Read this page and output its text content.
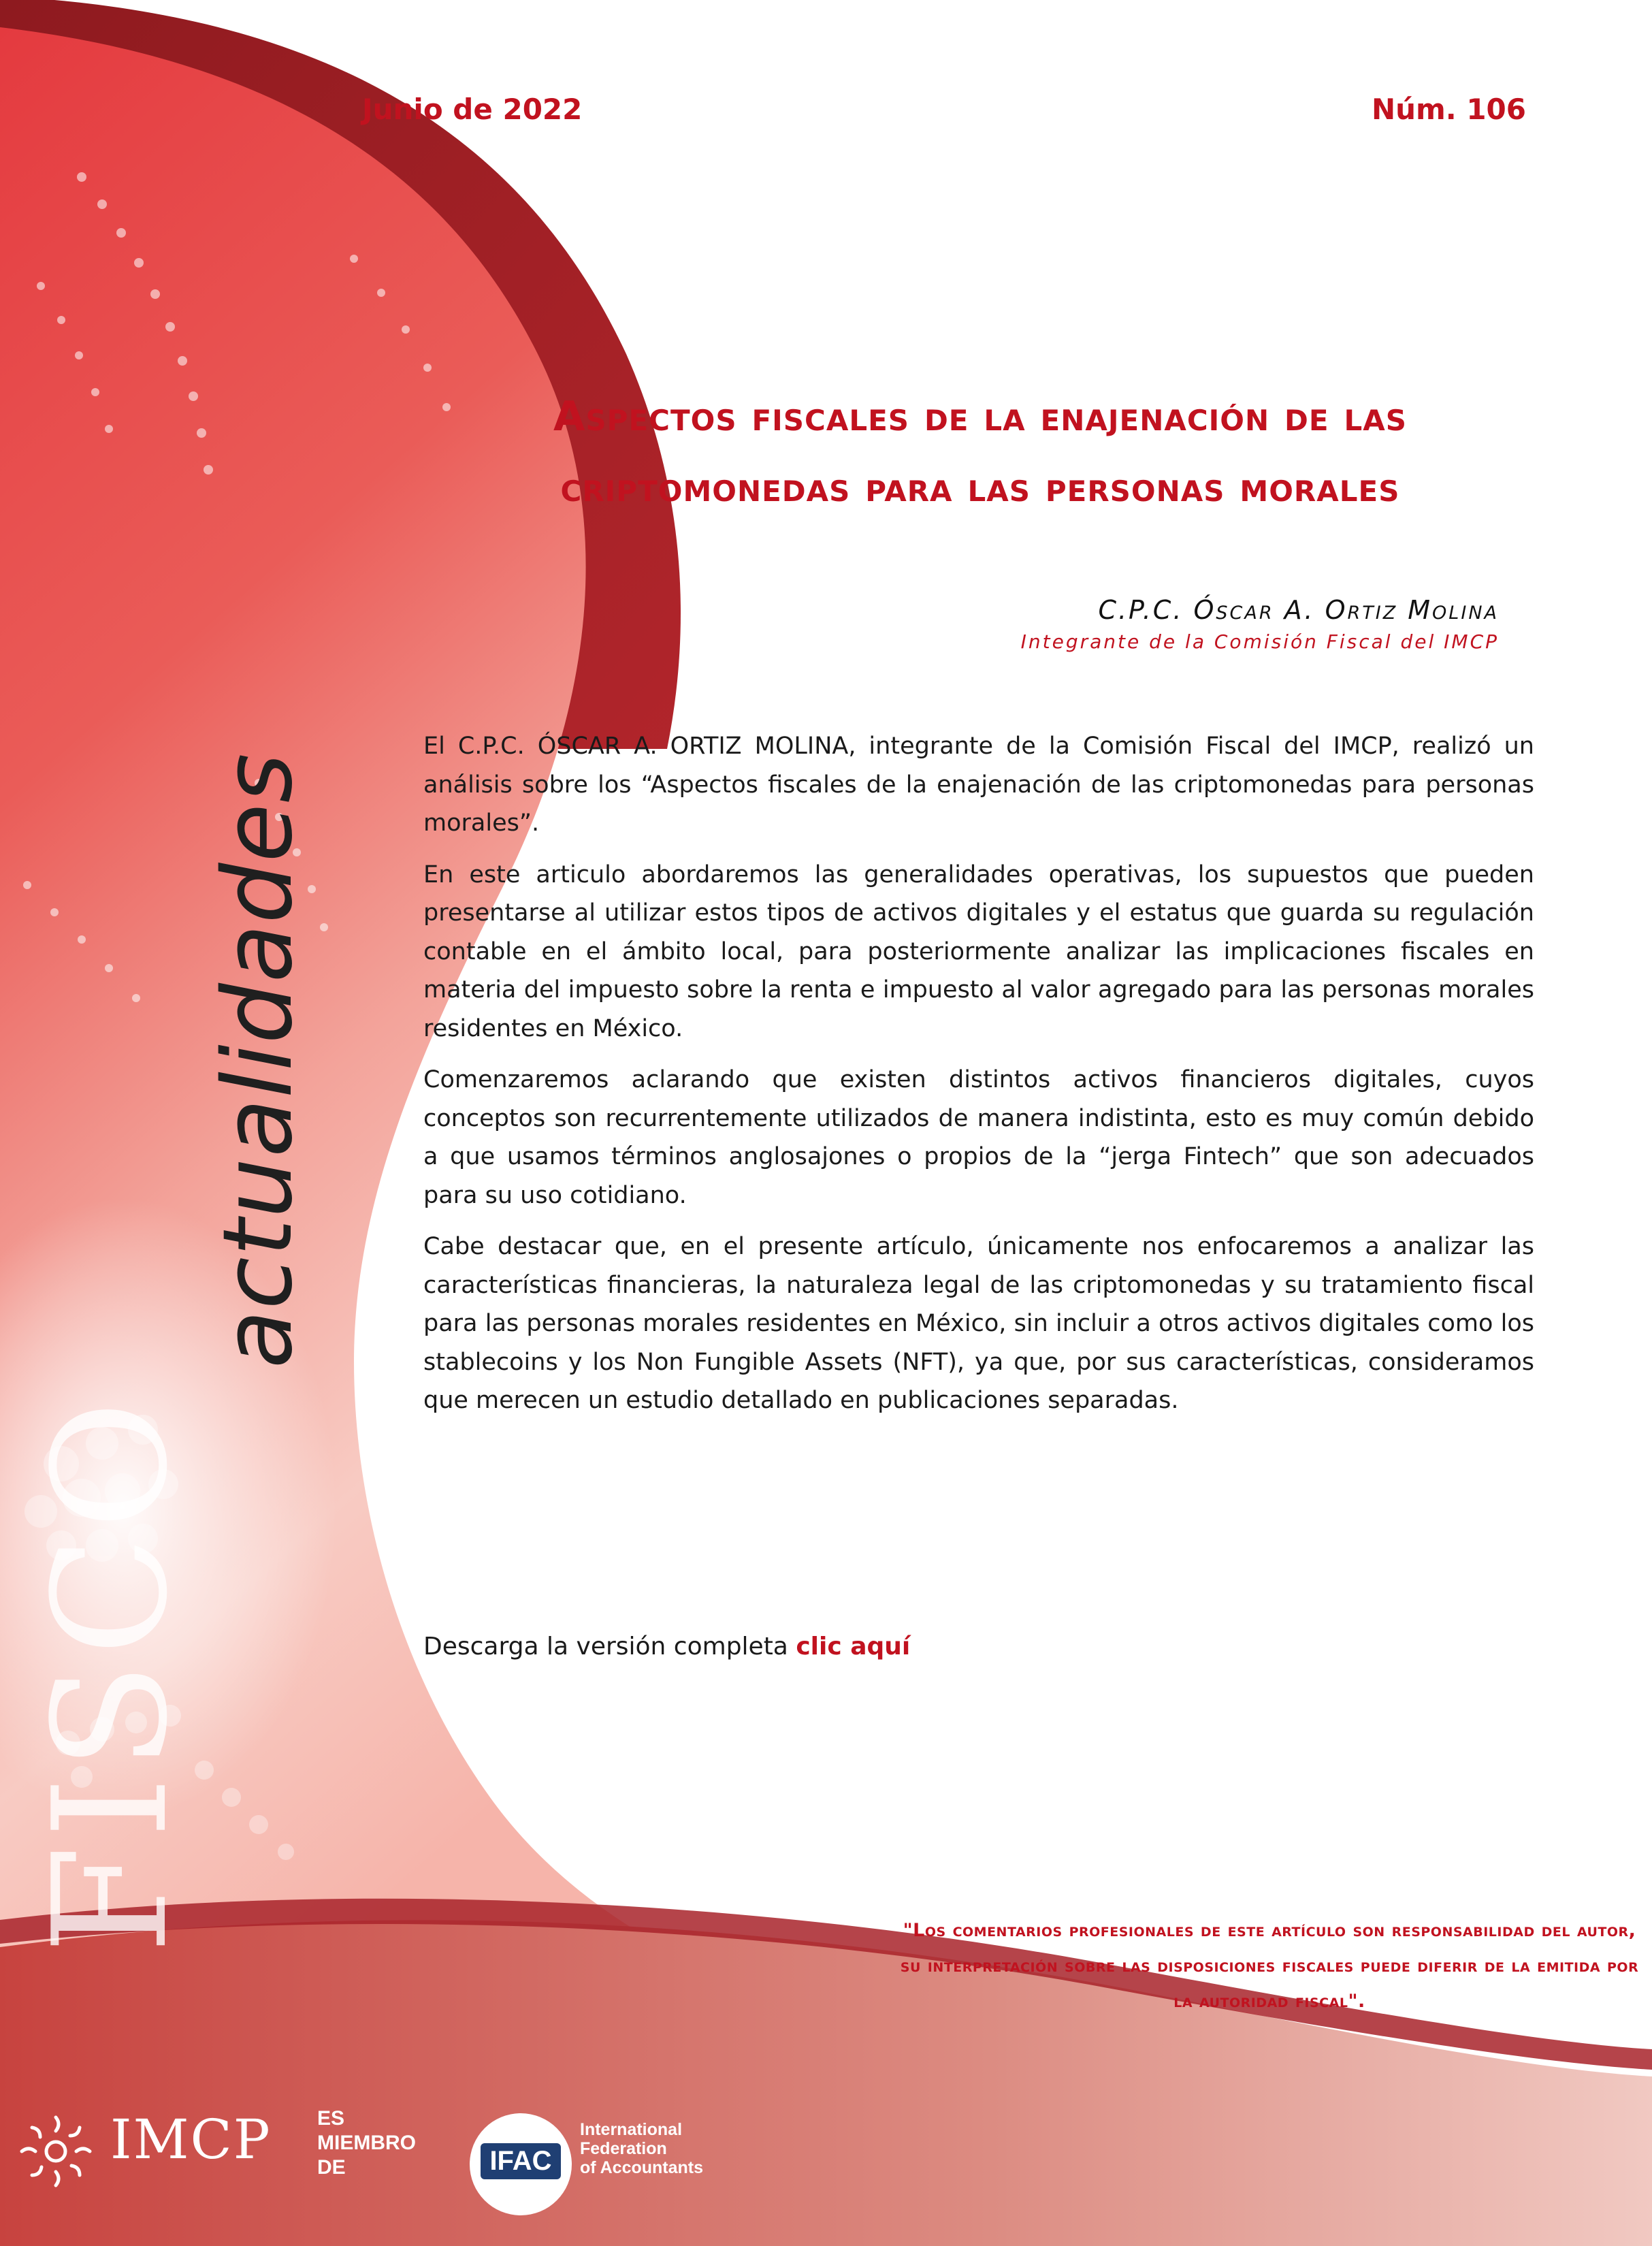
FISCO
actualidades
Junio de 2022	Núm. 106
Aspectos fiscales de la enajenación de las
criptomonedas para las personas morales
C.P.C. Óscar A. Ortiz Molina
Integrante de la Comisión Fiscal del IMCP

El C.P.C. ÓSCAR A. ORTIZ MOLINA, integrante de la Comisión Fiscal del IMCP, realizó un análisis sobre los “Aspectos fiscales de la enajenación de las criptomonedas para personas morales”.

En este articulo abordaremos las generalidades operativas, los supuestos que pueden presentarse al utilizar estos tipos de activos digitales y el estatus que guarda su regulación contable en el ámbito local, para posteriormente analizar las implicaciones fiscales en materia del impuesto sobre la renta e impuesto al valor agregado para las personas morales residentes en México.

Comenzaremos aclarando que existen distintos activos financieros digitales, cuyos conceptos son recurrentemente utilizados de manera indistinta, esto es muy común debido a que usamos términos anglosajones o propios de la “jerga Fintech” que son adecuados para su uso cotidiano.

Cabe destacar que, en el presente artículo, únicamente nos enfocaremos a analizar las características financieras, la naturaleza legal de las criptomonedas y su tratamiento fiscal para las personas morales residentes en México, sin incluir a otros activos digitales como los stablecoins y los Non Fungible Assets (NFT), ya que, por sus características, consideramos que merecen un estudio detallado en publicaciones separadas.

Descarga la versión completa clic aquí
"Los comentarios profesionales de este artículo son responsabilidad del autor, su interpretación sobre las disposiciones fiscales puede diferir de la emitida por la autoridad fiscal".
IMCP ES
MIEMBRO
DE	IFAC
International
Federation
of Accountants
